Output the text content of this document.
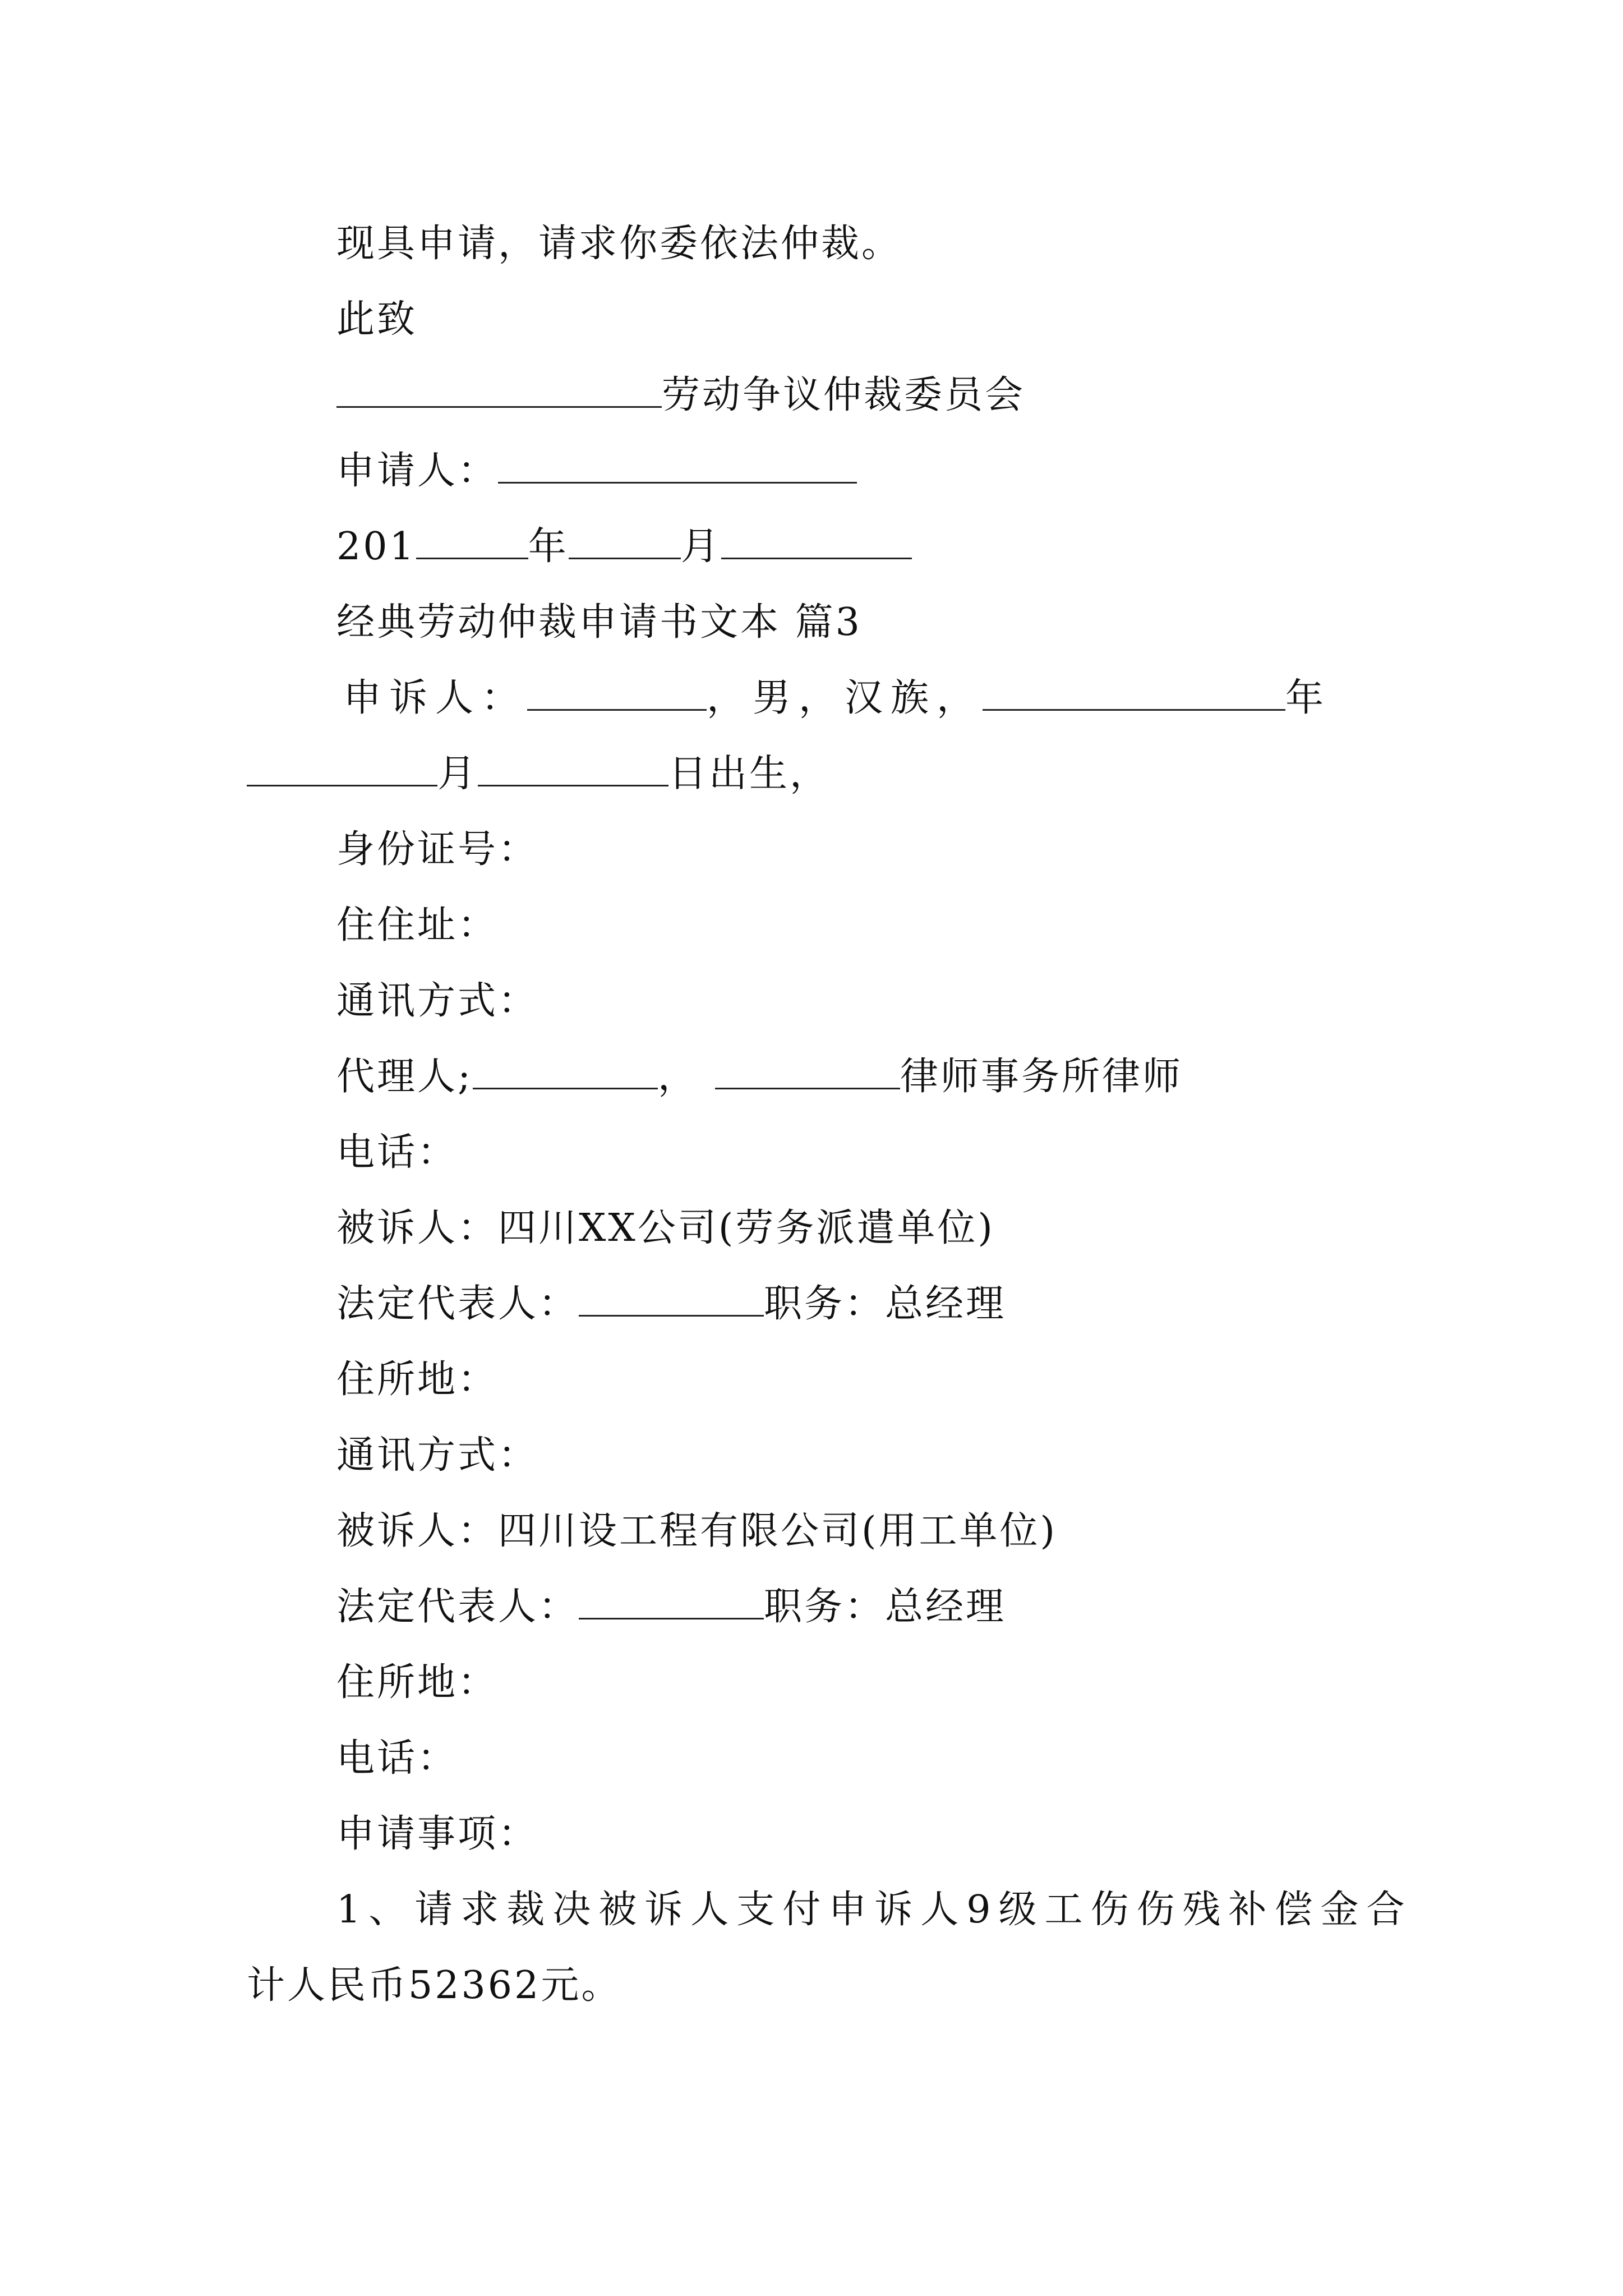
现具申请，请求你委依法仲裁。
此致
劳动争议仲裁委员会
申请人：
201	年	月
经典劳动仲裁申请书文本 篇3
申诉人：	，男，汉族，	年
月	日出生，
身份证号：
住住址：
通讯方式：
代理人;	，	律师事务所律师
电话：
被诉人：四川XX公司(劳务派遣单位)
法定代表人：	职务：总经理
住所地：
通讯方式：
被诉人：四川设工程有限公司(用工单位)
法定代表人：	职务：总经理
住所地：
电话：
申请事项：
1、请求裁决被诉人支付申诉人9级工伤伤残补偿金合
计人民币52362元。
